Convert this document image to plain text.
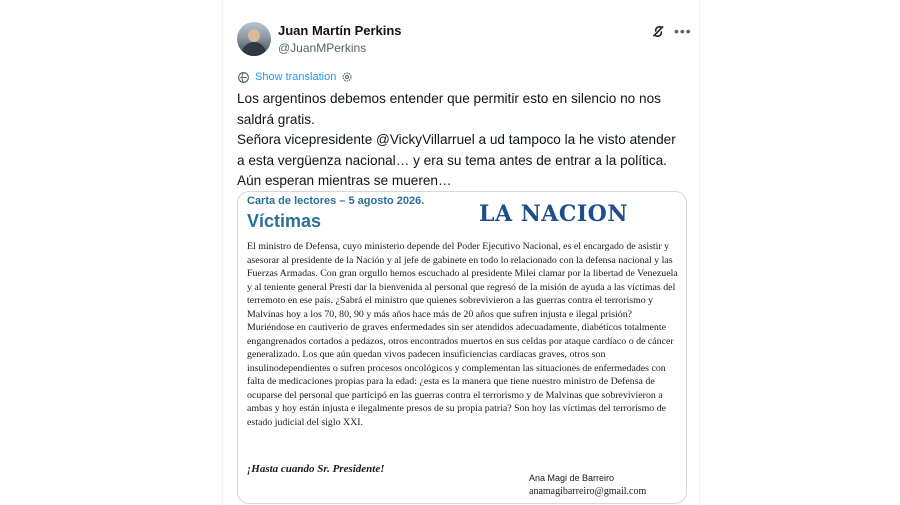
Juan Martín Perkins
@JuanMPerkins
•••
Show translation

Los argentinos debemos entender que permitir esto en silencio no nos saldrá gratis.

Señora vicepresidente @VickyVillarruel a ud tampoco la he visto atender a esta vergüenza nacional… y era su tema antes de entrar a la política.

Aún esperan mientras se mueren…

Carta de lectores – 5 agosto 2026.
Víctimas	LA NACION
El ministro de Defensa, cuyo ministerio depende del Poder Ejecutivo Nacional, es el encargado de asistir y asesorar al presidente de la Nación y al jefe de gabinete en todo lo relacionado con la defensa nacional y las Fuerzas Armadas. Con gran orgullo hemos escuchado al presidente Milei clamar por la libertad de Venezuela y al teniente general Presti dar la bienvenida al personal que regresó de la misión de ayuda a las víctimas del terremoto en ese país. ¿Sabrá el ministro que quienes sobrevivieron a las guerras contra el terrorismo y Malvinas hoy a los 70, 80, 90 y más años hace más de 20 años que sufren injusta e ilegal prisión? Muriéndose en cautiverio de graves enfermedades sin ser atendidos adecuadamente, diabéticos totalmente engangrenados cortados a pedazos, otros encontrados muertos en sus celdas por ataque cardíaco o de cáncer generalizado. Los que aún quedan vivos padecen insuficiencias cardíacas graves, otros son insulinodependientes o sufren procesos oncológicos y complementan las situaciones de enfermedades con falta de medicaciones propias para la edad: ¿esta es la manera que tiene nuestro ministro de Defensa de ocuparse del personal que participó en las guerras contra el terrorismo y de Malvinas que sobrevivieron a ambas y hoy están injusta e ilegalmente presos de su propia patria? Son hoy las víctimas del terrorismo de estado judicial del siglo XXI.
¡Hasta cuando Sr. Presidente!
Ana Magi de Barreiro
anamagibarreiro@gmail.com
